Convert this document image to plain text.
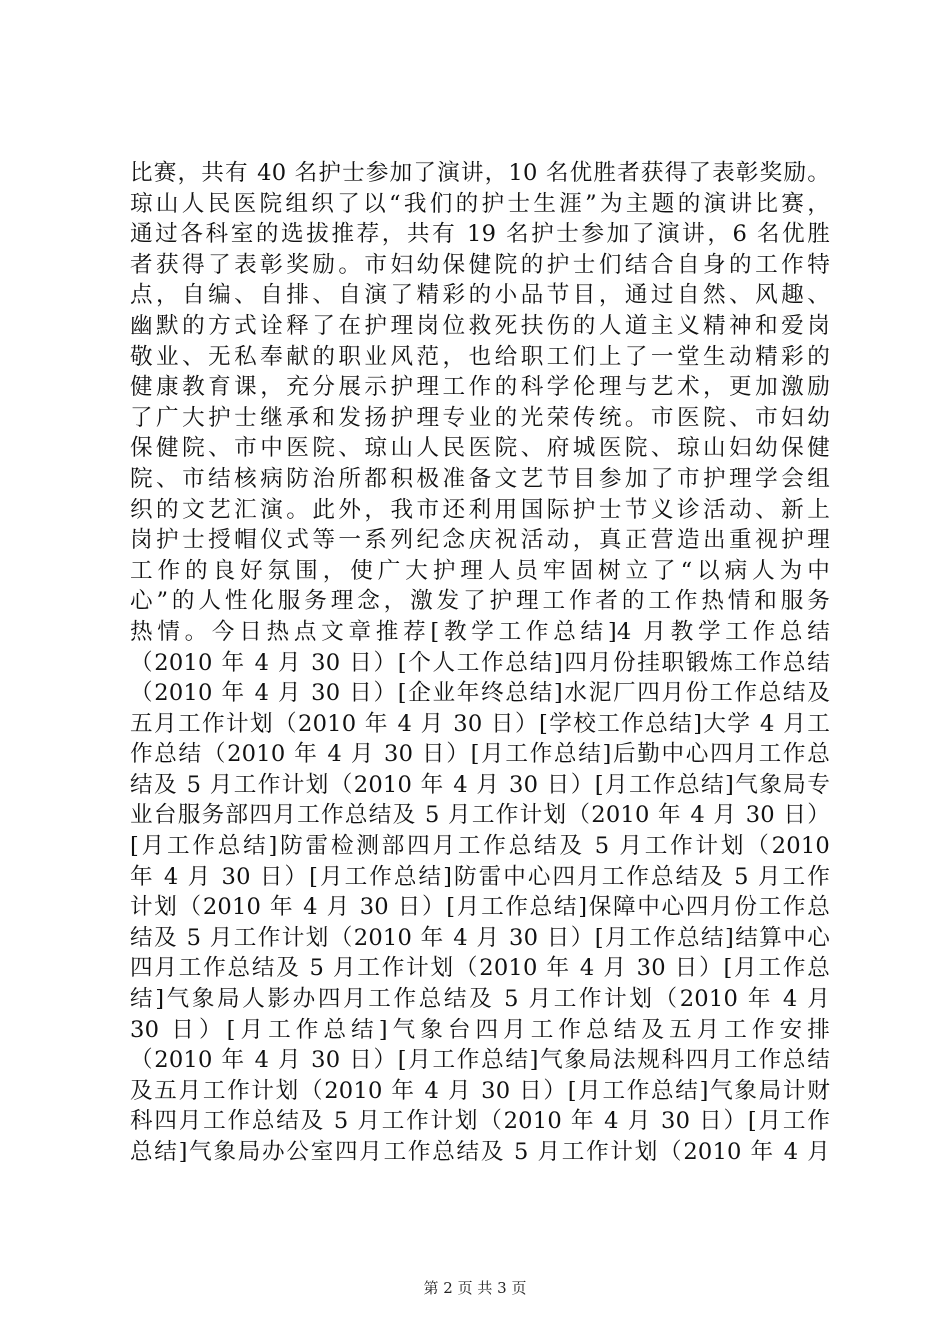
比赛，共有 40 名护士参加了演讲，10 名优胜者获得了表彰奖励。
琼山人民医院组织了以“我们的护士生涯”为主题的演讲比赛，
通过各科室的选拔推荐，共有 19 名护士参加了演讲，6 名优胜
者获得了表彰奖励。市妇幼保健院的护士们结合自身的工作特
点，自编、自排、自演了精彩的小品节目，通过自然、风趣、
幽默的方式诠释了在护理岗位救死扶伤的人道主义精神和爱岗
敬业、无私奉献的职业风范，也给职工们上了一堂生动精彩的
健康教育课，充分展示护理工作的科学伦理与艺术，更加激励
了广大护士继承和发扬护理专业的光荣传统。市医院、市妇幼
保健院、市中医院、琼山人民医院、府城医院、琼山妇幼保健
院、市结核病防治所都积极准备文艺节目参加了市护理学会组
织的文艺汇演。此外，我市还利用国际护士节义诊活动、新上
岗护士授帽仪式等一系列纪念庆祝活动，真正营造出重视护理
工作的良好氛围，使广大护理人员牢固树立了“以病人为中
心”的人性化服务理念，激发了护理工作者的工作热情和服务
热情。今日热点文章推荐[教学工作总结]4 月教学工作总结
（2010 年 4 月 30 日）[个人工作总结]四月份挂职锻炼工作总结
（2010 年 4 月 30 日）[企业年终总结]水泥厂四月份工作总结及
五月工作计划（2010 年 4 月 30 日）[学校工作总结]大学 4 月工
作总结（2010 年 4 月 30 日）[月工作总结]后勤中心四月工作总
结及 5 月工作计划（2010 年 4 月 30 日）[月工作总结]气象局专
业台服务部四月工作总结及 5 月工作计划（2010 年 4 月 30 日）
[月工作总结]防雷检测部四月工作总结及 5 月工作计划（2010
年 4 月 30 日）[月工作总结]防雷中心四月工作总结及 5 月工作
计划（2010 年 4 月 30 日）[月工作总结]保障中心四月份工作总
结及 5 月工作计划（2010 年 4 月 30 日）[月工作总结]结算中心
四月工作总结及 5 月工作计划（2010 年 4 月 30 日）[月工作总
结]气象局人影办四月工作总结及 5 月工作计划（2010 年 4 月
30 日）[月工作总结]气象台四月工作总结及五月工作安排
（2010 年 4 月 30 日）[月工作总结]气象局法规科四月工作总结
及五月工作计划（2010 年 4 月 30 日）[月工作总结]气象局计财
科四月工作总结及 5 月工作计划（2010 年 4 月 30 日）[月工作
总结]气象局办公室四月工作总结及 5 月工作计划（2010 年 4 月
第 2 页 共 3 页
